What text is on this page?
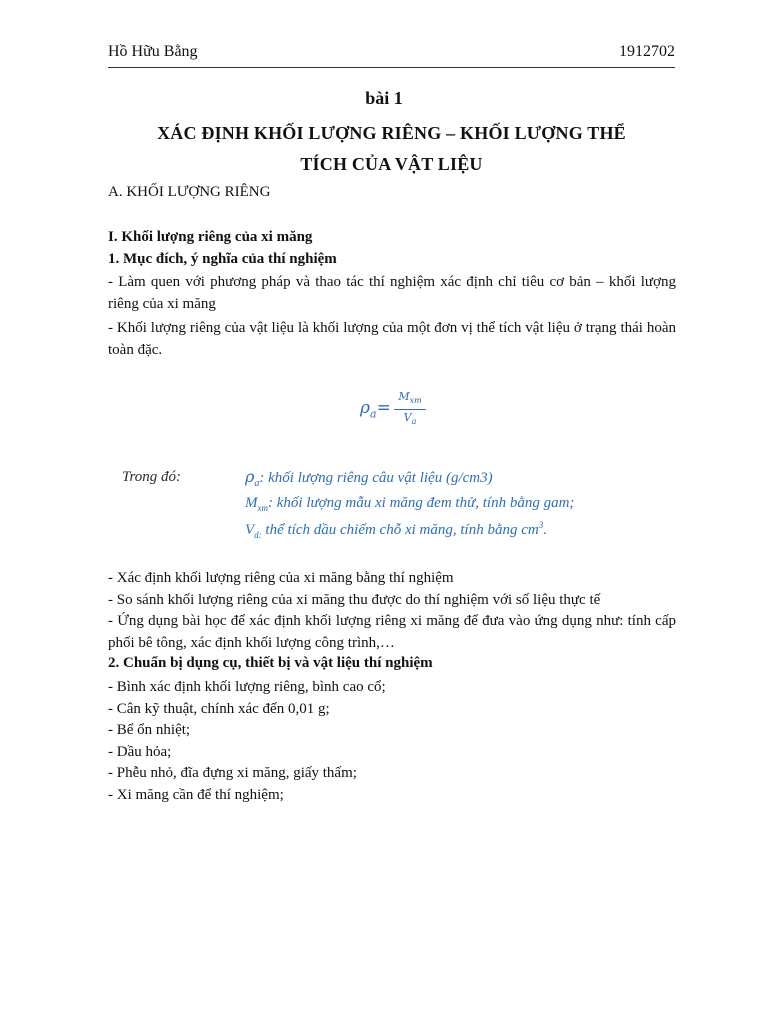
Hồ Hữu Bằng	1912702
bài 1
XÁC ĐỊNH KHỐI LƯỢNG RIÊNG – KHỐI LƯỢNG THỂ
TÍCH CỦA VẬT LIỆU
A. KHỐI LƯỢNG RIÊNG
I. Khối lượng riêng của xi măng
1. Mục đích, ý nghĩa của thí nghiệm
- Làm quen với phương pháp và thao tác thí nghiệm xác định chỉ tiêu cơ bản – khối lượng riêng của xi măng
- Khối lượng riêng của vật liệu là khối lượng của một đơn vị thể tích vật liệu ở trạng thái hoàn toàn đặc.
$\rho_a=$
$M_{xm}$
$V_a$
Trong đó:	$\rho_a$: khối lượng riêng câu vật liệu (g/cm3)
$M_{xm}$: khối lượng mẫu xi măng đem thử, tính bằng gam;
$V_{d:}$ thể tích dầu chiếm chỗ xi măng, tính bằng $cm^3$.
- Xác định khối lượng riêng của xi măng bằng thí nghiệm
- So sánh khối lượng riêng của xi măng thu được do thí nghiệm với số liệu thực tế
- Ứng dụng bài học để xác định khối lượng riêng xi măng để đưa vào ứng dụng như: tính cấp phối bê tông, xác định khối lượng công trình,…
2. Chuẩn bị dụng cụ, thiết bị và vật liệu thí nghiệm
- Bình xác định khối lượng riêng, bình cao cổ;
- Cân kỹ thuật, chính xác đến 0,01 g;
- Bể ổn nhiệt;
- Dầu hỏa;
- Phễu nhỏ, đĩa đựng xi măng, giấy thấm;
- Xi măng cần để thí nghiệm;
